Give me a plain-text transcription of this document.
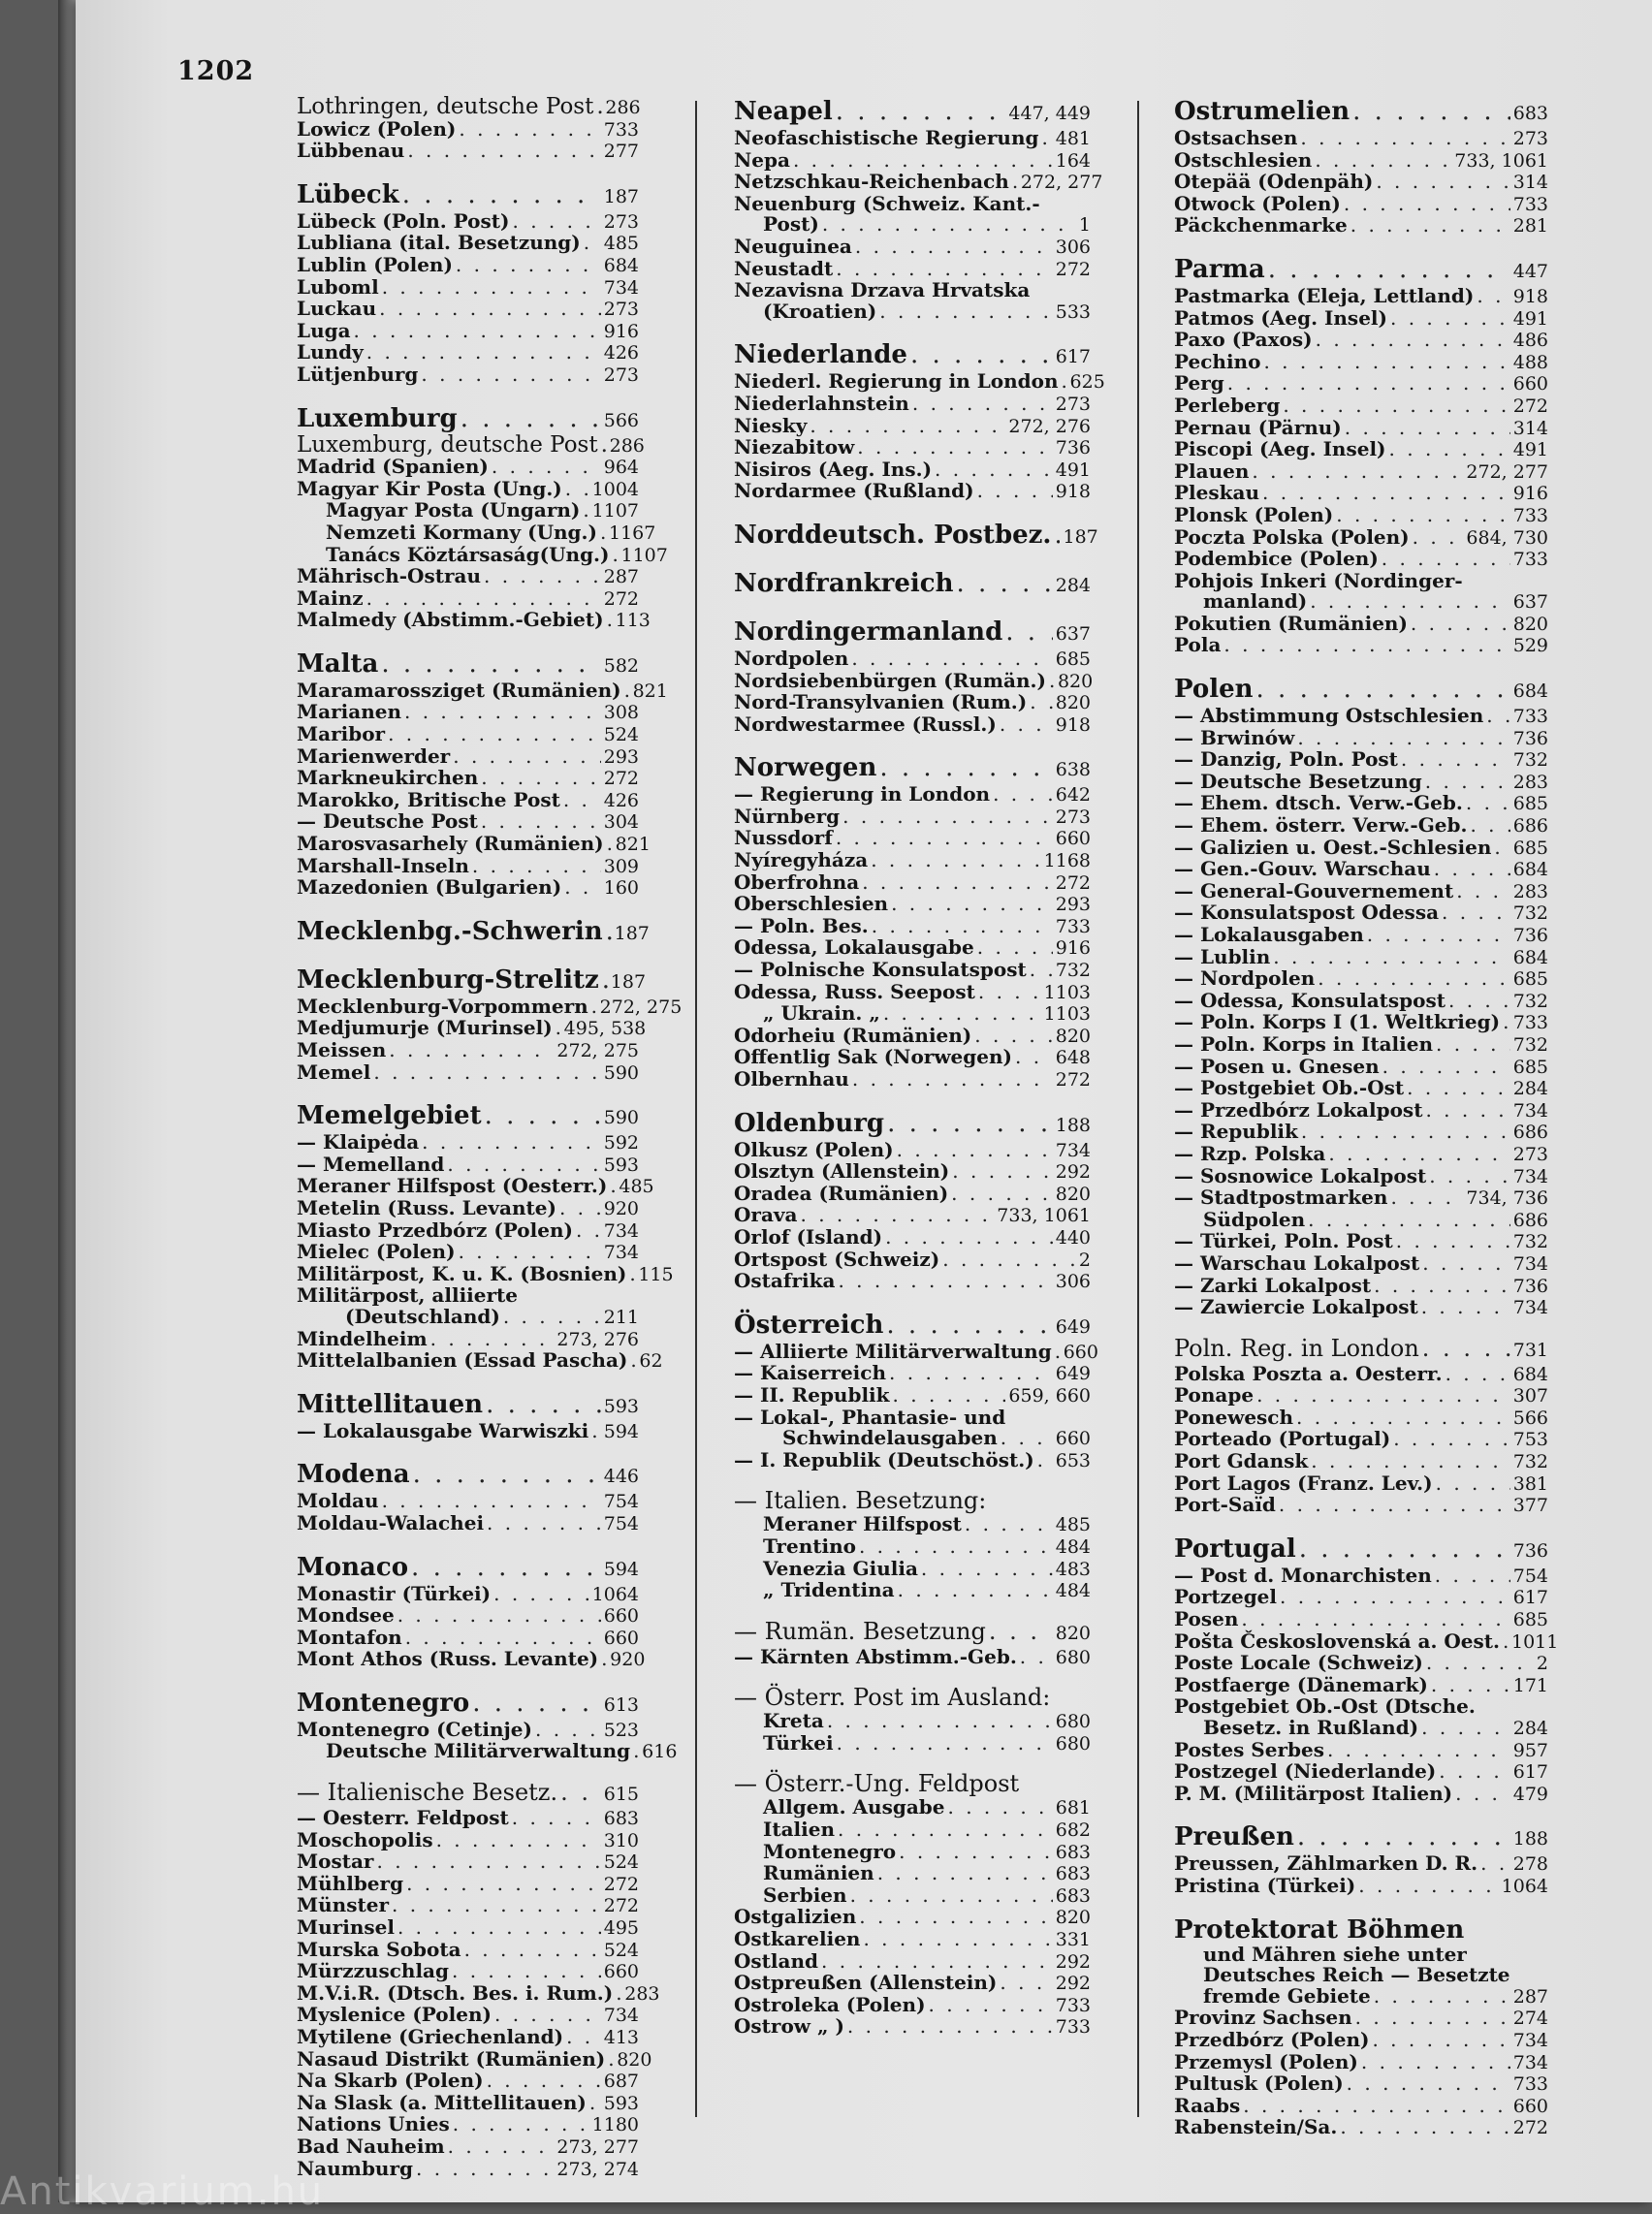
1202
Lothringen, deutsche Post . . . 286
Lowicz (Polen) . . .	733
Lübbenau . . .	277
Lübeck . . .	187
Lübeck (Poln. Post) . . .	273
Lubliana (ital. Besetzung) . . . 485
Lublin (Polen) . . .	684
Luboml . . .	734
Luckau . . .	273
Luga . . .	916
Lundy . . .	426
Lütjenburg . . .	273
Luxemburg . . .	566
Luxemburg, deutsche Post . . . 286
Madrid (Spanien) . . .	964
Magyar Kir Posta (Ung.) . . . 1004
Magyar Posta (Ungarn) . . . 1107
Nemzeti Kormany (Ung.) . . . 1167
Tanács Köztársaság(Ung.) . . . 1107
Mährisch-Ostrau . . .	287
Mainz . . .	272
Malmedy (Abstimm.-Gebiet) . . . 113
Malta . . .	582
Maramarossziget (Rumänien) . . . 821
Marianen . . .	308
Maribor . . .	524
Marienwerder . . .	293
Markneukirchen . . .	272
Marokko, Britische Post . . . 426
— Deutsche Post . . .	304
Marosvasarhely (Rumänien) . . . 821
Marshall-Inseln . . .	309
Mazedonien (Bulgarien) . . . 160
Mecklenbg.-Schwerin . . . 187
Mecklenburg-Strelitz . . . 187
Mecklenburg-Vorpommern . . . 272, 275
Medjumurje (Murinsel) . . . 495, 538
Meissen . . .	272, 275
Memel . . .	590
Memelgebiet . . .	590
— Klaipėda . . .	592
— Memelland . . .	593
Meraner Hilfspost (Oesterr.) . . . 485
Metelin (Russ. Levante) . . .	920
Miasto Przedbórz (Polen) . . . 734
Mielec (Polen) . . .	734
Militärpost, K. u. K. (Bosnien) . . . 115
Militärpost, alliierte
(Deutschland) . . .	211
Mindelheim . . .	273, 276
Mittelalbanien (Essad Pascha) . . . 62
Mittellitauen . . .	593
— Lokalausgabe Warwiszki . . . 594
Modena . . .	446
Moldau . . .	754
Moldau-Walachei . . .	754
Monaco . . .	594
Monastir (Türkei) . . .	1064
Mondsee . . .	660
Montafon . . .	660
Mont Athos (Russ. Levante) . . . 920
Montenegro . . .	613
Montenegro (Cetinje) . . .	523
Deutsche Militärverwaltung . . . 616
— Italienische Besetz. . . .	615
— Oesterr. Feldpost . . .	683
Moschopolis . . .	310
Mostar . . .	524
Mühlberg . . .	272
Münster . . .	272
Murinsel . . .	495
Murska Sobota . . .	524
Mürzzuschlag . . .	660
M.V.i.R. (Dtsch. Bes. i. Rum.) . . . 283
Myslenice (Polen) . . .	734
Mytilene (Griechenland) . . . 413
Nasaud Distrikt (Rumänien) . . . 820
Na Skarb (Polen) . . .	687
Na Slask (a. Mittellitauen) . . . 593
Nations Unies . . .	1180
Bad Nauheim . . .	273, 277
Naumburg . . .	273, 274
Neapel . . .	447, 449
Neofaschistische Regierung . . . 481
Nepa . . .	164
Netzschkau-Reichenbach . . . 272, 277
Neuenburg (Schweiz. Kant.-
Post) . . .	1
Neuguinea . . .	306
Neustadt . . .	272
Nezavisna Drzava Hrvatska
(Kroatien) . . .	533
Niederlande . . .	617
Niederl. Regierung in London . . . 625
Niederlahnstein . . .	273
Niesky . . .	272, 276
Niezabitow . . .	736
Nisiros (Aeg. Ins.) . . .	491
Nordarmee (Rußland) . . .	918
Norddeutsch. Postbez. . . . 187
Nordfrankreich . . .	284
Nordingermanland . . .	637
Nordpolen . . .	685
Nordsiebenbürgen (Rumän.) . . . 820
Nord-Transylvanien (Rum.) . . . 820
Nordwestarmee (Russl.) . . .	918
Norwegen . . .	638
— Regierung in London . . .	642
Nürnberg . . .	273
Nussdorf . . .	660
Nyíregyháza . . .	1168
Oberfrohna . . .	272
Oberschlesien . . .	293
— Poln. Bes. . . .	733
Odessa, Lokalausgabe . . .	916
— Polnische Konsulatspost . . . 732
Odessa, Russ. Seepost . . .	1103
„ Ukrain. „ . . .	1103
Odorheiu (Rumänien) . . .	820
Offentlig Sak (Norwegen) . . . 648
Olbernhau . . .	272
Oldenburg . . .	188
Olkusz (Polen) . . .	734
Olsztyn (Allenstein) . . .	292
Oradea (Rumänien) . . .	820
Orava . . .	733, 1061
Orlof (Island) . . .	440
Ortspost (Schweiz) . . .	2
Ostafrika . . .	306
Österreich . . .	649
— Alliierte Militärverwaltung . . . 660
— Kaiserreich . . .	649
— II. Republik . . .	659, 660
— Lokal-, Phantasie- und
Schwindelausgaben . . .	660
— I. Republik (Deutschöst.) . . . 653
— Italien. Besetzung:
Meraner Hilfspost . . .	485
Trentino . . .	484
Venezia Giulia . . .	483
„ Tridentina . . .	484
— Rumän. Besetzung . . .	820
— Kärnten Abstimm.-Geb. . . . 680
— Österr. Post im Ausland:
Kreta . . .	680
Türkei . . .	680
— Österr.-Ung. Feldpost
Allgem. Ausgabe . . .	681
Italien . . .	682
Montenegro . . .	683
Rumänien . . .	683
Serbien . . .	683
Ostgalizien . . .	820
Ostkarelien . . .	331
Ostland . . .	292
Ostpreußen (Allenstein) . . .	292
Ostroleka (Polen) . . .	733
Ostrow „ ) . . .	733
Ostrumelien . . .	683
Ostsachsen . . .	273
Ostschlesien . . .	733, 1061
Otepää (Odenpäh) . . .	314
Otwock (Polen) . . .	733
Päckchenmarke . . .	281
Parma . . .	447
Pastmarka (Eleja, Lettland) . . . 918
Patmos (Aeg. Insel) . . .	491
Paxo (Paxos) . . .	486
Pechino . . .	488
Perg . . .	660
Perleberg . . .	272
Pernau (Pärnu) . . .	314
Piscopi (Aeg. Insel) . . .	491
Plauen . . .	272, 277
Pleskau . . .	916
Plonsk (Polen) . . .	733
Poczta Polska (Polen) . . .	684, 730
Podembice (Polen) . . .	733
Pohjois Inkeri (Nordinger-
manland) . . .	637
Pokutien (Rumänien) . . .	820
Pola . . .	529
Polen . . .	684
— Abstimmung Ostschlesien . . . 733
— Brwinów . . .	736
— Danzig, Poln. Post . . .	732
— Deutsche Besetzung . . .	283
— Ehem. dtsch. Verw.-Geb. . . .	685
— Ehem. österr. Verw.-Geb. . . . 686
— Galizien u. Oest.-Schlesien . . . 685
— Gen.-Gouv. Warschau . . .	684
— General-Gouvernement . . .	283
— Konsulatspost Odessa . . .	732
— Lokalausgaben . . .	736
— Lublin . . .	684
— Nordpolen . . .	685
— Odessa, Konsulatspost . . .	732
— Poln. Korps I (1. Weltkrieg) . . . 733
— Poln. Korps in Italien . . .	732
— Posen u. Gnesen . . .	685
— Postgebiet Ob.-Ost . . .	284
— Przedbórz Lokalpost . . .	734
— Republik . . .	686
— Rzp. Polska . . .	273
— Sosnowice Lokalpost . . .	734
— Stadtpostmarken . . .	734, 736
Südpolen . . .	686
— Türkei, Poln. Post . . .	732
— Warschau Lokalpost . . .	734
— Zarki Lokalpost . . .	736
— Zawiercie Lokalpost . . .	734
Poln. Reg. in London . . .	731
Polska Poszta a. Oesterr. . . .	684
Ponape . . .	307
Ponewesch . . .	566
Porteado (Portugal) . . .	753
Port Gdansk . . .	732
Port Lagos (Franz. Lev.) . . .	381
Port-Saïd . . .	377
Portugal . . .	736
— Post d. Monarchisten . . .	754
Portzegel . . .	617
Posen . . .	685
Pošta Československá a. Oest. . . . 1011
Poste Locale (Schweiz) . . .	2
Postfaerge (Dänemark) . . .	171
Postgebiet Ob.-Ost (Dtsche.
Besetz. in Rußland) . . .	284
Postes Serbes . . .	957
Postzegel (Niederlande) . . .	617
P. M. (Militärpost Italien) . . .	479
Preußen . . .	188
Preussen, Zählmarken D. R. . . . 278
Pristina (Türkei) . . .	1064
Protektorat Böhmen
und Mähren siehe unter
Deutsches Reich — Besetzte
fremde Gebiete . . .	287
Provinz Sachsen . . .	274
Przedbórz (Polen) . . .	734
Przemysl (Polen) . . .	734
Pultusk (Polen) . . .	733
Raabs . . .	660
Rabenstein/Sa. . . .	272
Antikvarium.hu
